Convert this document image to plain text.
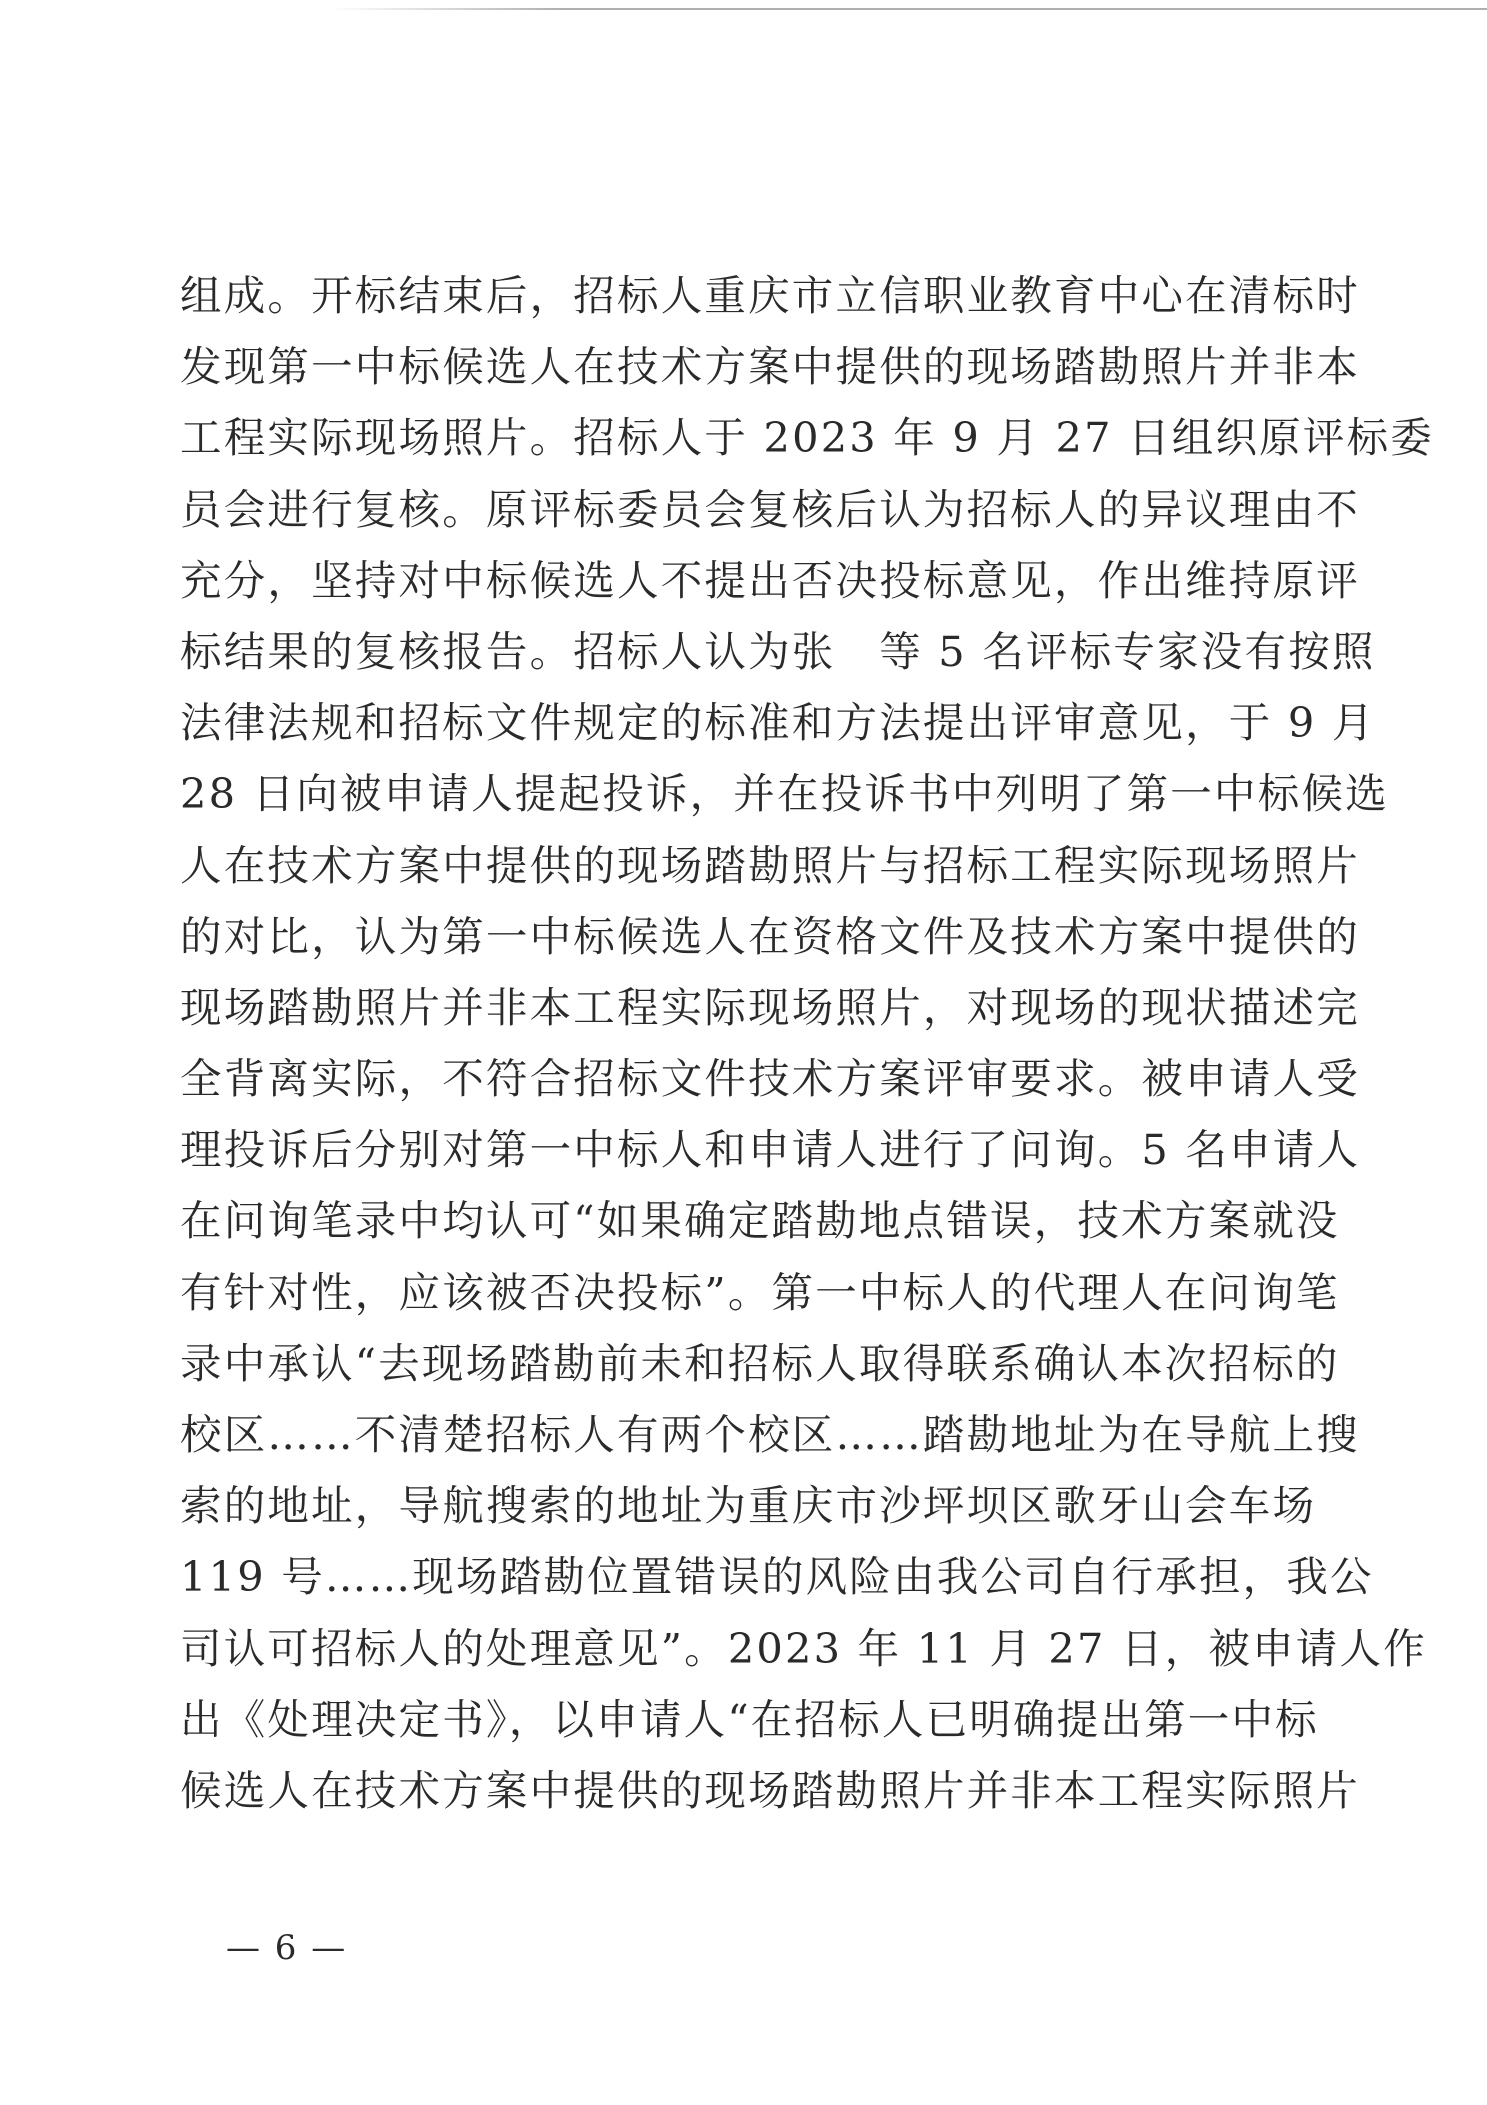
组成。开标结束后，招标人重庆市立信职业教育中心在清标时
发现第一中标候选人在技术方案中提供的现场踏勘照片并非本
工程实际现场照片。招标人于 2023 年 9 月 27 日组织原评标委
员会进行复核。原评标委员会复核后认为招标人的异议理由不
充分，坚持对中标候选人不提出否决投标意见，作出维持原评
标结果的复核报告。招标人认为张　等 5 名评标专家没有按照
法律法规和招标文件规定的标准和方法提出评审意见，于 9 月
28 日向被申请人提起投诉，并在投诉书中列明了第一中标候选
人在技术方案中提供的现场踏勘照片与招标工程实际现场照片
的对比，认为第一中标候选人在资格文件及技术方案中提供的
现场踏勘照片并非本工程实际现场照片，对现场的现状描述完
全背离实际，不符合招标文件技术方案评审要求。被申请人受
理投诉后分别对第一中标人和申请人进行了问询。5 名申请人
在问询笔录中均认可“如果确定踏勘地点错误，技术方案就没
有针对性，应该被否决投标”。第一中标人的代理人在问询笔
录中承认“去现场踏勘前未和招标人取得联系确认本次招标的
校区……不清楚招标人有两个校区……踏勘地址为在导航上搜
索的地址，导航搜索的地址为重庆市沙坪坝区歌牙山会车场
119 号……现场踏勘位置错误的风险由我公司自行承担，我公
司认可招标人的处理意见”。2023 年 11 月 27 日，被申请人作
出《处理决定书》，以申请人“在招标人已明确提出第一中标
候选人在技术方案中提供的现场踏勘照片并非本工程实际照片
— 6 —
